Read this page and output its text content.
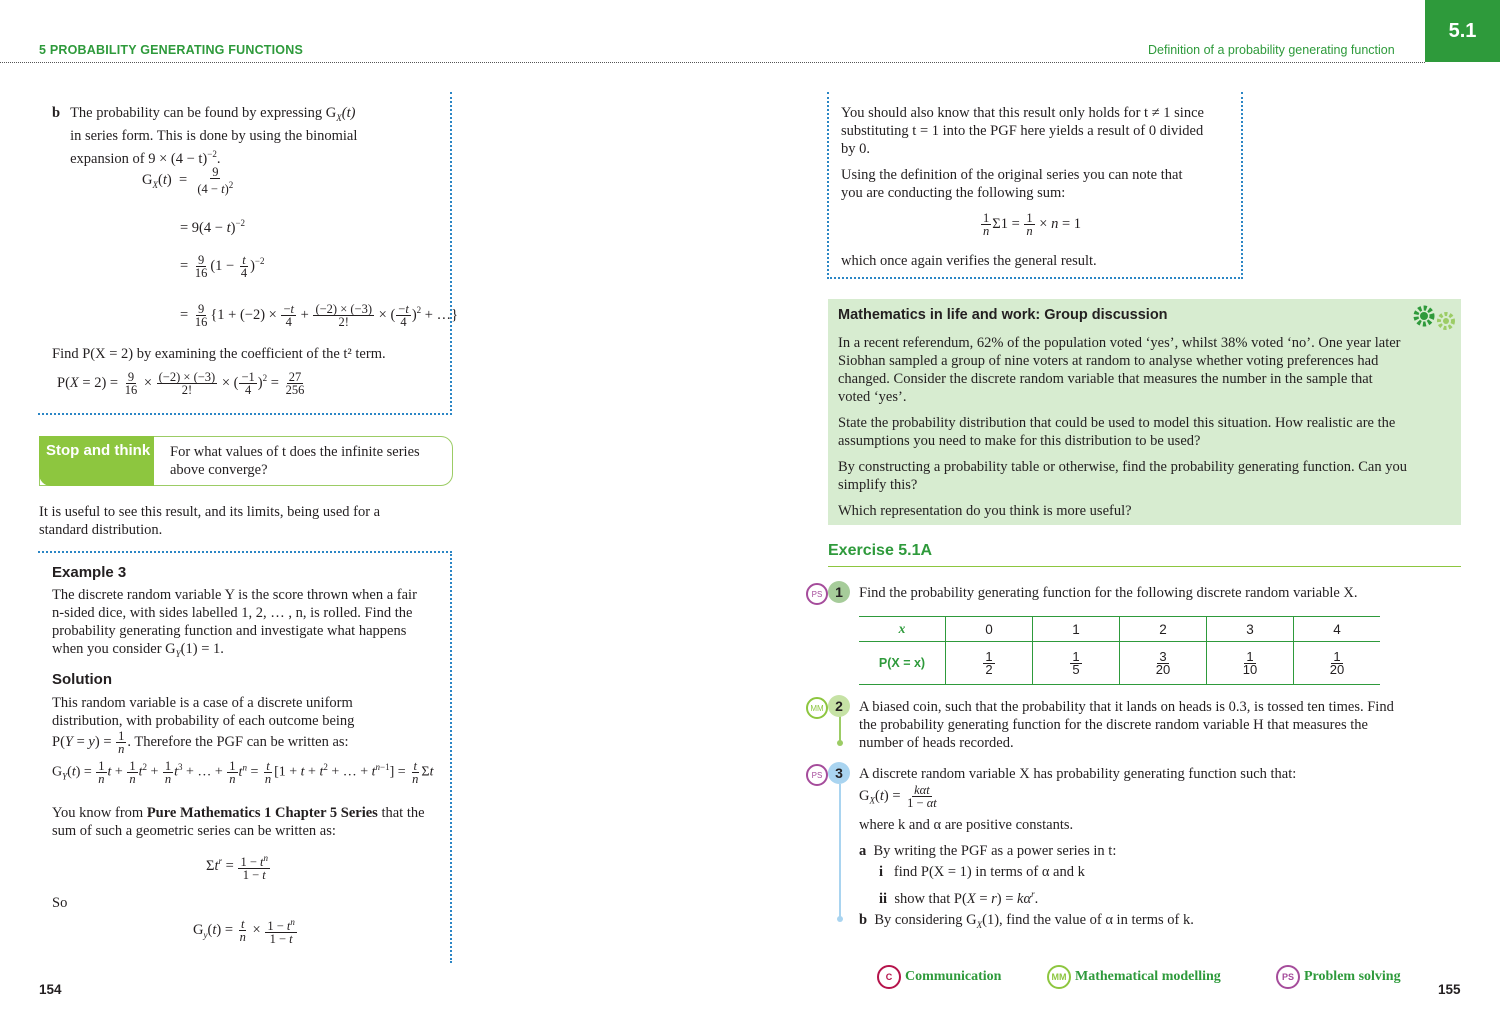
5 PROBABILITY GENERATING FUNCTIONS	Definition of a probability generating function
5.1
b The probability can be found by expressing $G_X(t)$
in series form. This is done by using the binomial
expansion of $9 \times (4 - t)^{-2}$.
$G_X(t) = \frac{9}{(4 - t)^2}$
= $9(4 - t)^{-2}$
= $\frac{9}{16} (1 - \frac{t}{4} )^{-2}$
= $\frac{9}{16} \{1 + (-2) \times \frac{-t}{4} + \frac{(-2) \times (-3)}{2!}$ × ( $\frac{-t}{4} )^2$ + …}
Find P(X = 2) by examining the coefficient of the t² term.
$P(X = 2) = \frac{9}{16} \times \frac{(-2) \times (-3)}{2!}$ × ( $\frac{-1}{4} )^2 = \frac{27}{256}$
Stop and think For what values of t does the infinite series
above converge?
It is useful to see this result, and its limits, being used for a
standard distribution.
Example 3
The discrete random variable Y is the score thrown when a fair
n-sided dice, with sides labelled 1, 2, … , n, is rolled. Find the
probability generating function and investigate what happens
when you consider $G_Y(1) = 1$.
Solution
This random variable is a case of a discrete uniform
distribution, with probability of each outcome being
$P(Y = y) = \frac{1}{n}$ . Therefore the PGF can be written as:
$G_Y(t) = \frac{1}{n}$ $t + \frac{1}{n} t^2 + \frac{1}{n} t^3$ + … + $\frac{1}{n} t^n = \frac{t}{n} [1 + t + t^2$ + … + $t^{n-1}] = \frac{t}{n}$ Σt
You know from Pure Mathematics 1 Chapter 5 Series that the
sum of such a geometric series can be written as:
$\Sigma t^r = \frac{1 - t^n}{1 - t}$
So
$G_y(t) = \frac{t}{n} \times \frac{1 - t^n}{1 - t}$
154
You should also know that this result only holds for t ≠ 1 since
substituting t = 1 into the PGF here yields a result of 0 divided
by 0.
Using the definition of the original series you can note that
you are conducting the following sum:
$\frac{1}{n} \Sigma 1 = \frac{1}{n} \times n = 1$
which once again verifies the general result.
Mathematics in life and work: Group discussion
In a recent referendum, 62% of the population voted ‘yes’, whilst 38% voted ‘no’. One year later
Siobhan sampled a group of nine voters at random to analyse whether voting preferences had
changed. Consider the discrete random variable that measures the number in the sample that
voted ‘yes’.
State the probability distribution that could be used to model this situation. How realistic are the
assumptions you need to make for this distribution to be used?
By constructing a probability table or otherwise, find the probability generating function. Can you
simplify this?
Which representation do you think is more useful?
Exercise 5.1A
PS 1	Find the probability generating function for the following discrete random variable X.
x	0	1	2	3	4
P(X = x)	$\frac{1}{2}$	$\frac{1}{5}$	$\frac{3}{20}$	$\frac{1}{10}$	$\frac{1}{20}$
MM 2	A biased coin, such that the probability that it lands on heads is 0.3, is tossed ten times. Find
the probability generating function for the discrete random variable H that measures the
number of heads recorded.
PS 3	A discrete random variable X has probability generating function such that:
$G_X(t) = \frac{\text{kαt}}{1 - \alpha t}$
where k and α are positive constants.
a By writing the PGF as a power series in t:
i find P(X = 1) in terms of α and k
ii show that $P(X = r) = k\alpha^r$.
b By considering $G_X(1)$, find the value of α in terms of k.
C Communication	MM Mathematical modelling	PS Problem solving
155
